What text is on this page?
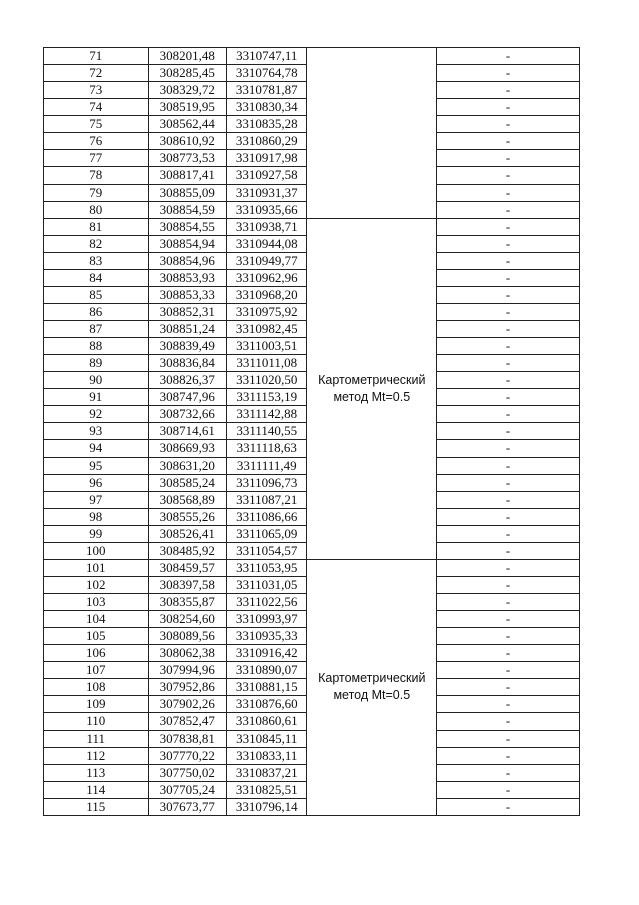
71	308201,48	3310747,11		-
72	308285,45	3310764,78		-
73	308329,72	3310781,87		-
74	308519,95	3310830,34		-
75	308562,44	3310835,28		-
76	308610,92	3310860,29		-
77	308773,53	3310917,98		-
78	308817,41	3310927,58		-
79	308855,09	3310931,37		-
80	308854,59	3310935,66		-
81	308854,55	3310938,71	Картометрический метод Mt=0.5	-
82	308854,94	3310944,08		-
83	308854,96	3310949,77		-
84	308853,93	3310962,96		-
85	308853,33	3310968,20		-
86	308852,31	3310975,92		-
87	308851,24	3310982,45		-
88	308839,49	3311003,51		-
89	308836,84	3311011,08		-
90	308826,37	3311020,50		-
91	308747,96	3311153,19		-
92	308732,66	3311142,88		-
93	308714,61	3311140,55		-
94	308669,93	3311118,63		-
95	308631,20	3311111,49		-
96	308585,24	3311096,73		-
97	308568,89	3311087,21		-
98	308555,26	3311086,66		-
99	308526,41	3311065,09		-
100	308485,92	3311054,57		-
101	308459,57	3311053,95	Картометрический метод Mt=0.5	-
102	308397,58	3311031,05		-
103	308355,87	3311022,56		-
104	308254,60	3310993,97		-
105	308089,56	3310935,33		-
106	308062,38	3310916,42		-
107	307994,96	3310890,07		-
108	307952,86	3310881,15		-
109	307902,26	3310876,60		-
110	307852,47	3310860,61		-
111	307838,81	3310845,11		-
112	307770,22	3310833,11		-
113	307750,02	3310837,21		-
114	307705,24	3310825,51		-
115	307673,77	3310796,14		-
